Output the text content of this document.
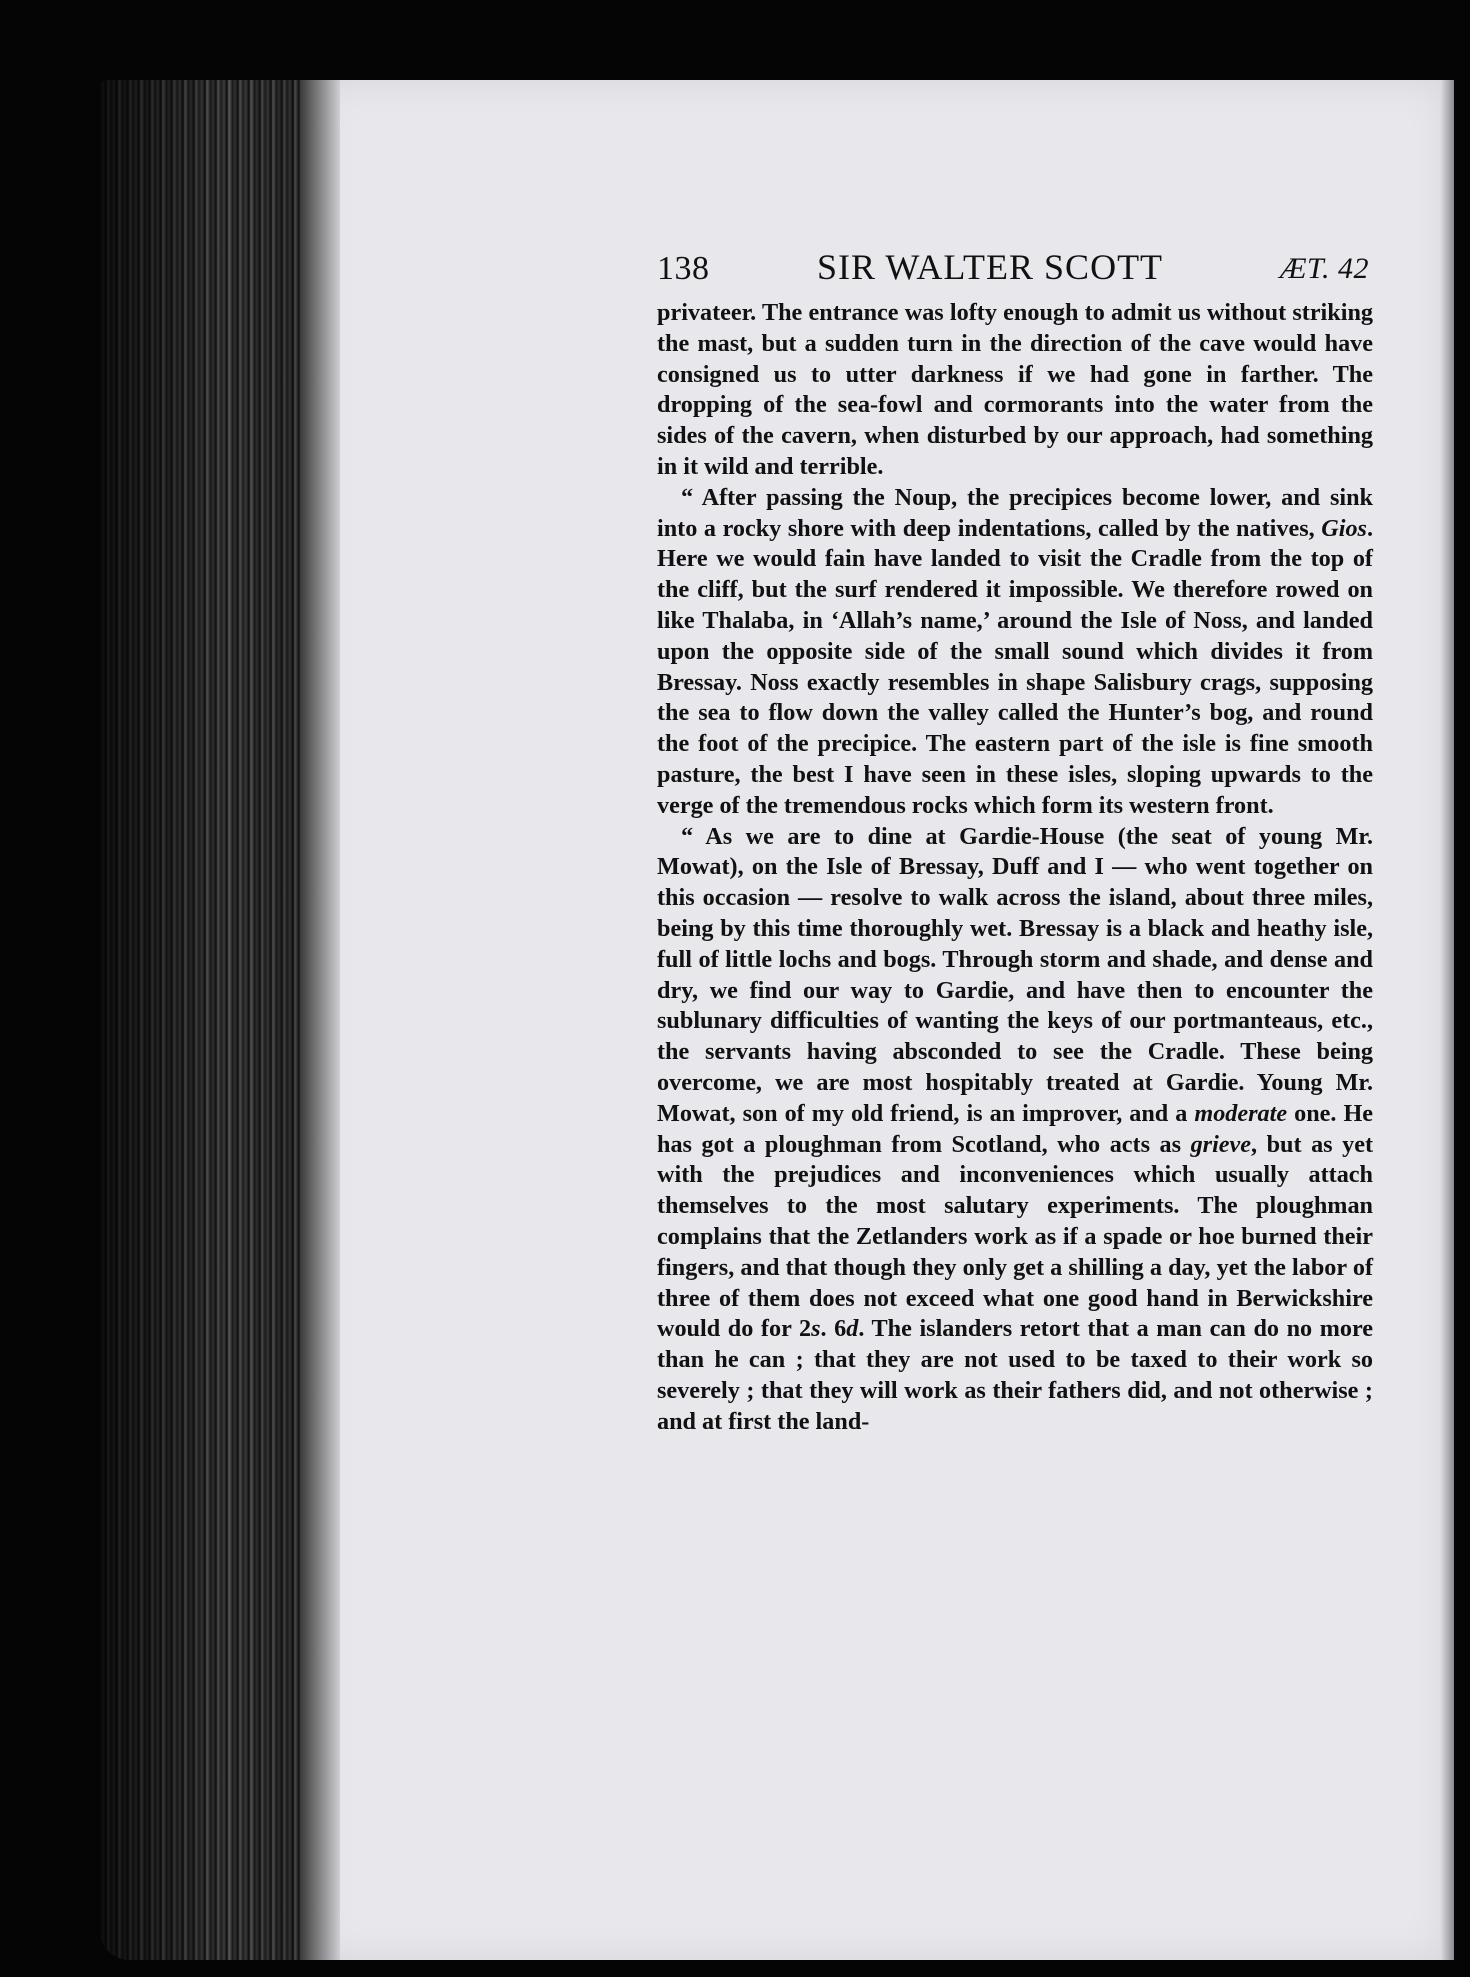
138	SIR WALTER SCOTT	ÆT. 42

privateer. The entrance was lofty enough to admit us without striking the mast, but a sudden turn in the direction of the cave would have consigned us to utter darkness if we had gone in farther. The dropping of the sea-fowl and cormorants into the water from the sides of the cavern, when disturbed by our approach, had something in it wild and terrible.

“ After passing the Noup, the precipices become lower, and sink into a rocky shore with deep indentations, called by the natives, Gios. Here we would fain have landed to visit the Cradle from the top of the cliff, but the surf rendered it impossible. We therefore rowed on like Thalaba, in ‘Allah’s name,’ around the Isle of Noss, and landed upon the opposite side of the small sound which divides it from Bressay. Noss exactly resembles in shape Salisbury crags, supposing the sea to flow down the valley called the Hunter’s bog, and round the foot of the precipice. The eastern part of the isle is fine smooth pasture, the best I have seen in these isles, sloping upwards to the verge of the tremendous rocks which form its western front.

“ As we are to dine at Gardie-House (the seat of young Mr. Mowat), on the Isle of Bressay, Duff and I — who went together on this occasion — resolve to walk across the island, about three miles, being by this time thoroughly wet. Bressay is a black and heathy isle, full of little lochs and bogs. Through storm and shade, and dense and dry, we find our way to Gardie, and have then to encounter the sublunary difficulties of wanting the keys of our portmanteaus, etc., the servants having absconded to see the Cradle. These being overcome, we are most hospitably treated at Gardie. Young Mr. Mowat, son of my old friend, is an improver, and a moderate one. He has got a ploughman from Scotland, who acts as grieve, but as yet with the prejudices and inconveniences which usually attach themselves to the most salutary experiments. The ploughman complains that the Zetlanders work as if a spade or hoe burned their fingers, and that though they only get a shilling a day, yet the labor of three of them does not exceed what one good hand in Berwickshire would do for 2s. 6d. The islanders retort that a man can do no more than he can ; that they are not used to be taxed to their work so severely ; that they will work as their fathers did, and not otherwise ; and at first the land-
